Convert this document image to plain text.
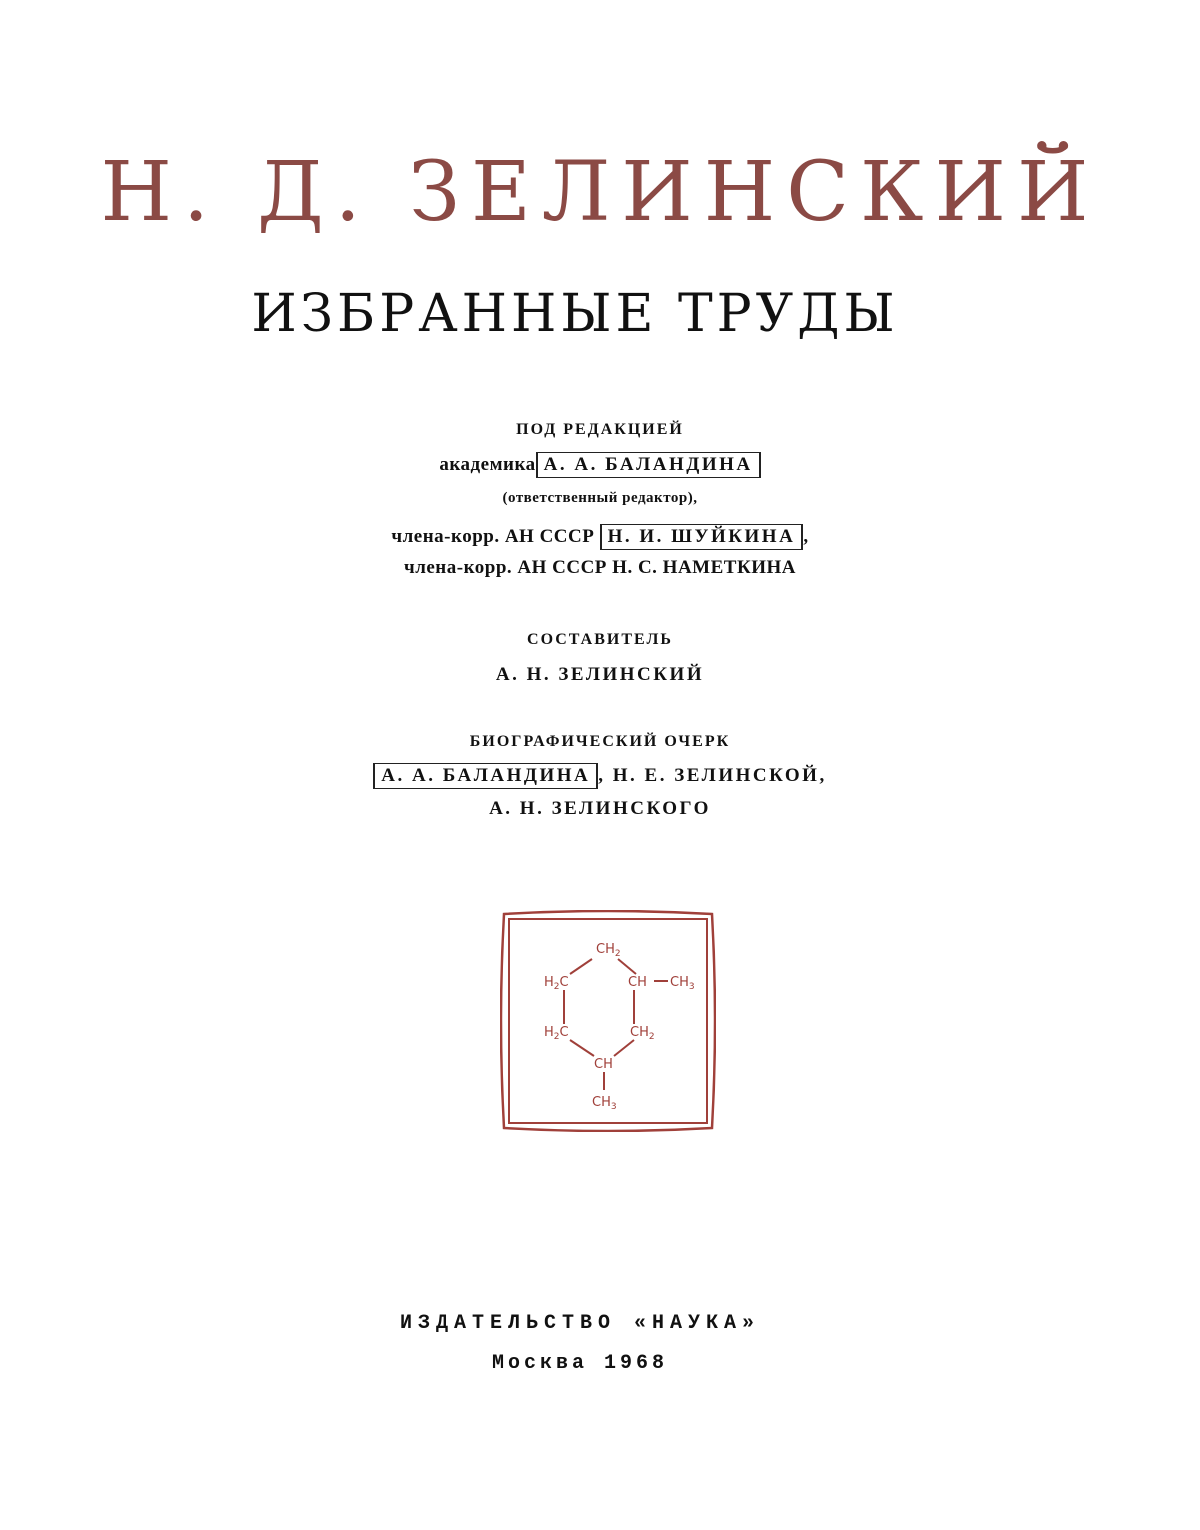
Н. Д. ЗЕЛИНСКИЙ
ИЗБРАННЫЕ ТРУДЫ
ПОД РЕДАКЦИЕЙ
академика А. А. БАЛАНДИНА
(ответственный редактор),
члена-корр. АН СССР Н. И. ШУЙКИНА ,
члена-корр. АН СССР Н. С. НАМЕТКИНА
СОСТАВИТЕЛЬ
А. Н. ЗЕЛИНСКИЙ
БИОГРАФИЧЕСКИЙ ОЧЕРК
А. А. БАЛАНДИНА , Н. Е. ЗЕЛИНСКОЙ,
А. Н. ЗЕЛИНСКОГО
$CH_2$
$H_2C$	CH $CH_3$
$H_2C$	$CH_2$
CH
$CH_3$
ИЗДАТЕЛЬСТВО «НАУКА»
Москва 1968
